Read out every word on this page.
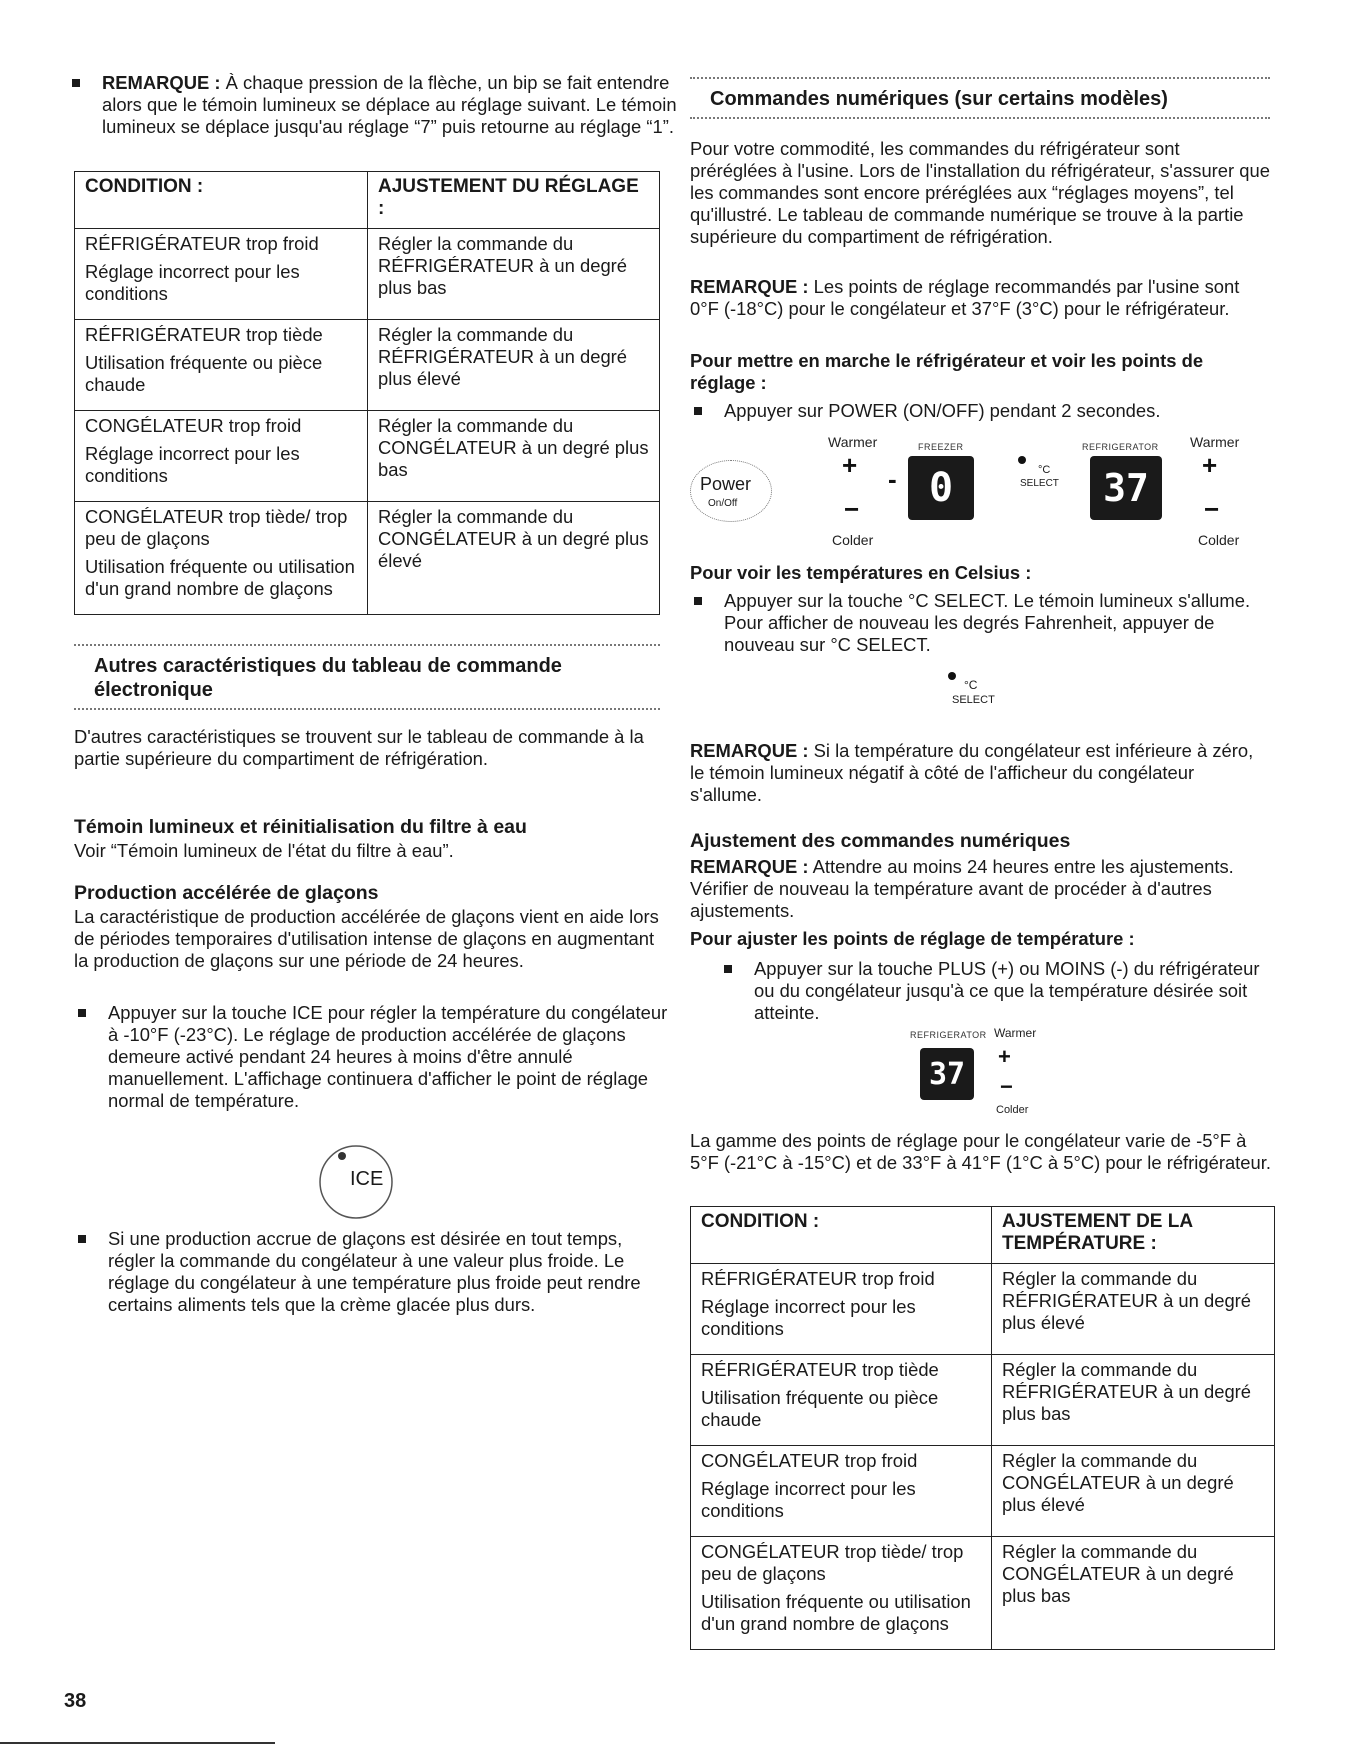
REMARQUE : À chaque pression de la flèche, un bip se fait entendre alors que le témoin lumineux se déplace au réglage suivant. Le témoin lumineux se déplace jusqu'au réglage “7” puis retourne au réglage “1”.
CONDITION :	AJUSTEMENT DU RÉGLAGE :

RÉFRIGÉRATEUR trop froid

Réglage incorrect pour les conditions	Régler la commande du RÉFRIGÉRATEUR à un degré plus bas

RÉFRIGÉRATEUR trop tiède

Utilisation fréquente ou pièce chaude	Régler la commande du RÉFRIGÉRATEUR à un degré plus élevé

CONGÉLATEUR trop froid

Réglage incorrect pour les conditions	Régler la commande du CONGÉLATEUR à un degré plus bas

CONGÉLATEUR trop tiède/ trop peu de glaçons

Utilisation fréquente ou utilisation d'un grand nombre de glaçons	Régler la commande du CONGÉLATEUR à un degré plus élevé

Autres caractéristiques du tableau de commande électronique

D'autres caractéristiques se trouvent sur le tableau de commande à la partie supérieure du compartiment de réfrigération.

Témoin lumineux et réinitialisation du filtre à eau

Voir “Témoin lumineux de l'état du filtre à eau”.

Production accélérée de glaçons

La caractéristique de production accélérée de glaçons vient en aide lors de périodes temporaires d'utilisation intense de glaçons en augmentant la production de glaçons sur une période de 24 heures.

Appuyer sur la touche ICE pour régler la température du congélateur à -10°F (-23°C). Le réglage de production accélérée de glaçons demeure activé pendant 24 heures à moins d'être annulé manuellement. L'affichage continuera d'afficher le point de réglage normal de température.
ICE
Si une production accrue de glaçons est désirée en tout temps, régler la commande du congélateur à une valeur plus froide. Le réglage du congélateur à une température plus froide peut rendre certains aliments tels que la crème glacée plus durs.
Commandes numériques (sur certains modèles)

Pour votre commodité, les commandes du réfrigérateur sont préréglées à l'usine. Lors de l'installation du réfrigérateur, s'assurer que les commandes sont encore préréglées aux “réglages moyens”, tel qu'illustré. Le tableau de commande numérique se trouve à la partie supérieure du compartiment de réfrigération.

REMARQUE : Les points de réglage recommandés par l'usine sont 0°F (-18°C) pour le congélateur et 37°F (3°C) pour le réfrigérateur.

Pour mettre en marche le réfrigérateur et voir les points de réglage :
Appuyer sur POWER (ON/OFF) pendant 2 secondes.
Warmer	FREEZER	REFRIGERATOR Warmer
Power
On/Off
+
−
- 0	°C
SELECT	37
+
−
Colder	Colder
Pour voir les températures en Celsius :
Appuyer sur la touche °C SELECT. Le témoin lumineux s'allume. Pour afficher de nouveau les degrés Fahrenheit, appuyer de nouveau sur °C SELECT.
°C
SELECT

REMARQUE : Si la température du congélateur est inférieure à zéro, le témoin lumineux négatif à côté de l'afficheur du congélateur s'allume.

Ajustement des commandes numériques

REMARQUE : Attendre au moins 24 heures entre les ajustements. Vérifier de nouveau la température avant de procéder à d'autres ajustements.

Pour ajuster les points de réglage de température :
Appuyer sur la touche PLUS (+) ou MOINS (-) du réfrigérateur ou du congélateur jusqu'à ce que la température désirée soit atteinte.
REFRIGERATOR Warmer
37	+
−
Colder

La gamme des points de réglage pour le congélateur varie de -5°F à 5°F (-21°C à -15°C) et de 33°F à 41°F (1°C à 5°C) pour le réfrigérateur.

CONDITION :	AJUSTEMENT DE LA TEMPÉRATURE :

RÉFRIGÉRATEUR trop froid

Réglage incorrect pour les conditions	Régler la commande du RÉFRIGÉRATEUR à un degré plus élevé

RÉFRIGÉRATEUR trop tiède

Utilisation fréquente ou pièce chaude	Régler la commande du RÉFRIGÉRATEUR à un degré plus bas

CONGÉLATEUR trop froid

Réglage incorrect pour les conditions	Régler la commande du CONGÉLATEUR à un degré plus élevé

CONGÉLATEUR trop tiède/ trop peu de glaçons

Utilisation fréquente ou utilisation d'un grand nombre de glaçons	Régler la commande du CONGÉLATEUR à un degré plus bas

38
